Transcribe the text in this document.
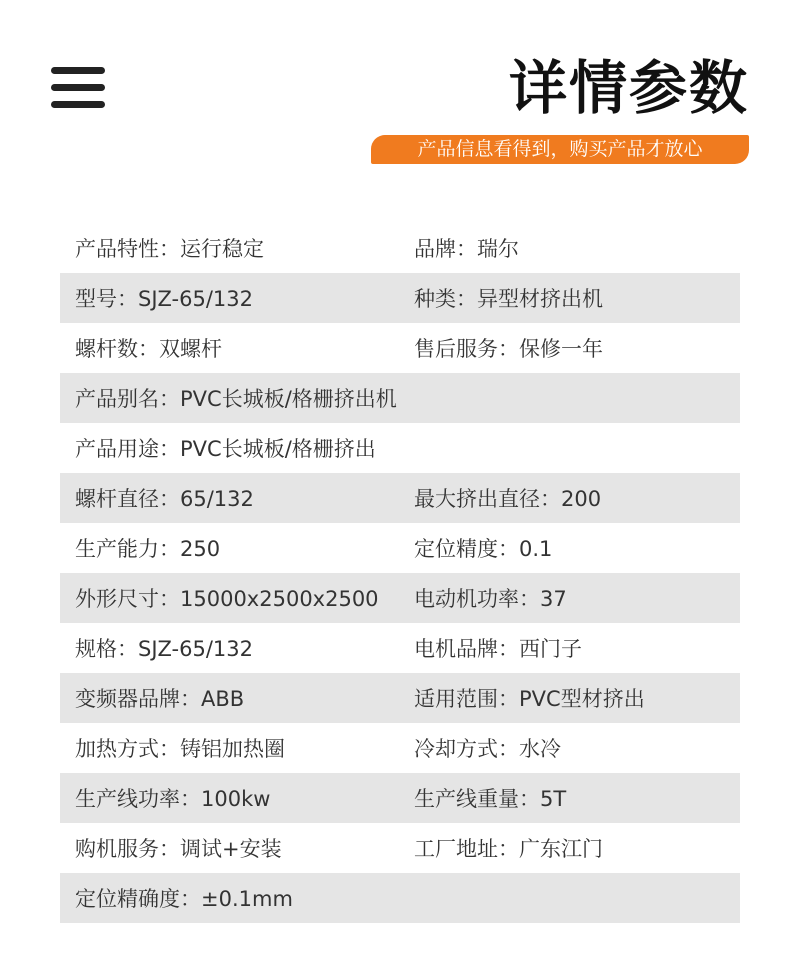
详情参数
产品信息看得到，购买产品才放心
产品特性：运行稳定	品牌：瑞尔
型号：SJZ-65/132	种类：异型材挤出机
螺杆数：双螺杆	售后服务：保修一年
产品别名：PVC长城板/格栅挤出机
产品用途：PVC长城板/格栅挤出
螺杆直径：65/132	最大挤出直径：200
生产能力：250	定位精度：0.1
外形尺寸：15000x2500x2500	电动机功率：37
规格：SJZ-65/132	电机品牌：西门子
变频器品牌：ABB	适用范围：PVC型材挤出
加热方式：铸铝加热圈	冷却方式：水冷
生产线功率：100kw	生产线重量：5T
购机服务：调试+安装	工厂地址：广东江门
定位精确度：±0.1mm
